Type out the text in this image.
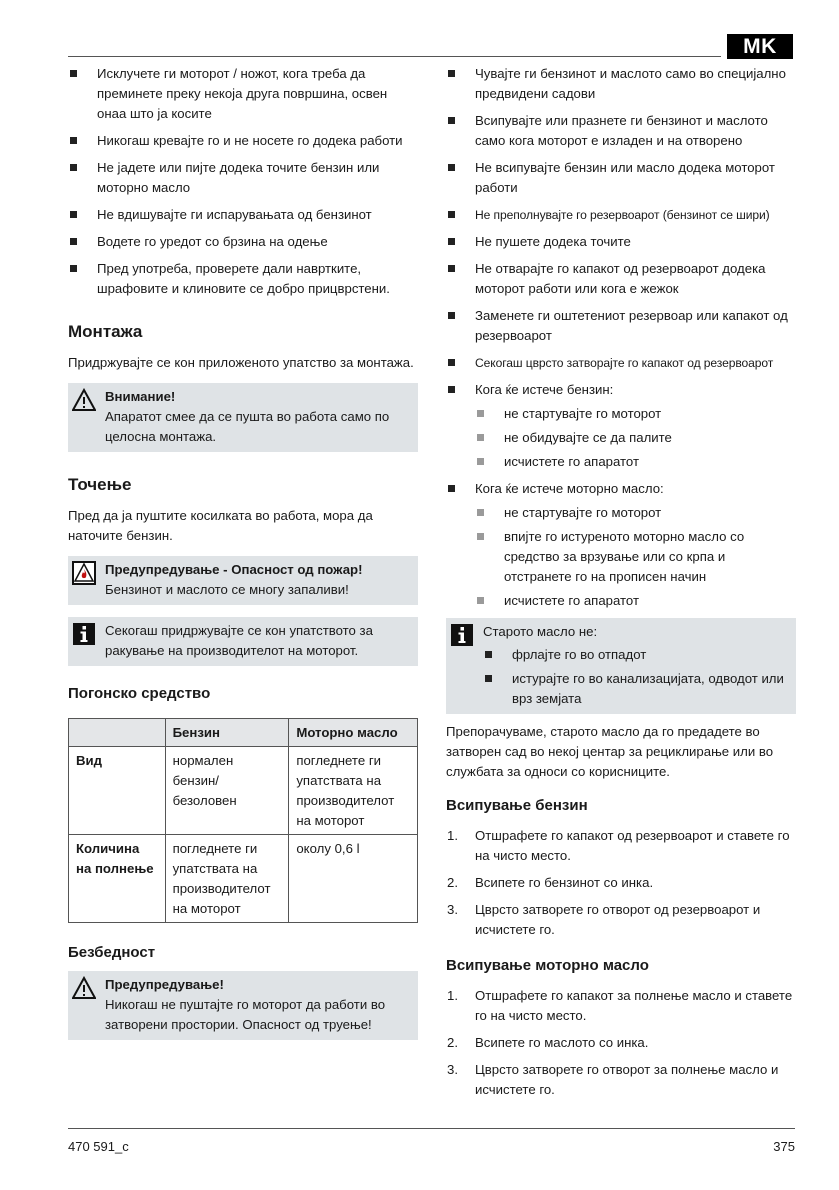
MK
Исклучете ги моторот / ножот, кога треба да преминете преку некоја друга површина, освен онаа што ја косите
Никогаш кревајте го и не носете го додека работи
Не јадете или пијте додека точите бензин или моторно масло
Не вдишувајте ги испарувањата од бензинот
Водете го уредот со брзина на одење
Пред употреба, проверете дали навртките, шрафовите и клиновите се добро прицврстени.
Монтажа

Придржувајте се кон приложеното упатство за монтажа.

Внимание!
Апаратот смее да се пушта во работа само по целосна монтажа.
Точење

Пред да ја пуштите косилката во работа, мора да наточите бензин.

Предупредување - Опасност од пожар!
Бензинот и маслото се многу запаливи!
Секогаш придржувајте се кон упатството за ракување на производителот на моторот.
Погонско средство
	Бензин	Моторно масло
Вид	нормален бензин/ безоловен	погледнете ги упатствата на производителот на моторот
Количина на полнење	погледнете ги упатствата на производителот на моторот	околу 0,6 l
Безбедност
Предупредување!
Никогаш не пуштајте го моторот да работи во затворени простории. Опасност од труење!
Чувајте ги бензинот и маслото само во специјално предвидени садови
Всипувајте или празнете ги бензинот и маслото само кога моторот е изладен и на отворено
Не всипувајте бензин или масло додека моторот работи
Не преполнувајте го резервоарот (бензинот се шири)
Не пушете додека точите
Не отварајте го капакот од резервоарот додека моторот работи или кога е жежок
Заменете ги оштетениот резервоар или капакот од резервоарот
Секогаш цврсто затворајте го капакот од резервоарот
Кога ќе истече бензин:
не стартувајте го моторот
не обидувајте се да палите
исчистете го апаратот
Кога ќе истече моторно масло:
не стартувајте го моторот
впијте го истуреното моторно масло со средство за врзување или со крпа и отстранете го на прописен начин
исчистете го апаратот
Старото масло не:
фрлајте го во отпадот
истурајте го во канализацијата, одводот или врз земјата

Препорачуваме, старото масло да го предадете во затворен сад во некој центар за рециклирање или во службата за односи со корисниците.

Всипување бензин
1. Отшрафете го капакот од резервоарот и ставете го на чисто место.
2. Всипете го бензинот со инка.
3. Цврсто затворете го отворот од резервоарот и исчистете го.
Всипување моторно масло
1. Отшрафете го капакот за полнење масло и ставете го на чисто место.
2. Всипете го маслото со инка.
3. Цврсто затворете го отворот за полнење масло и исчистете го.
470 591_c	375
